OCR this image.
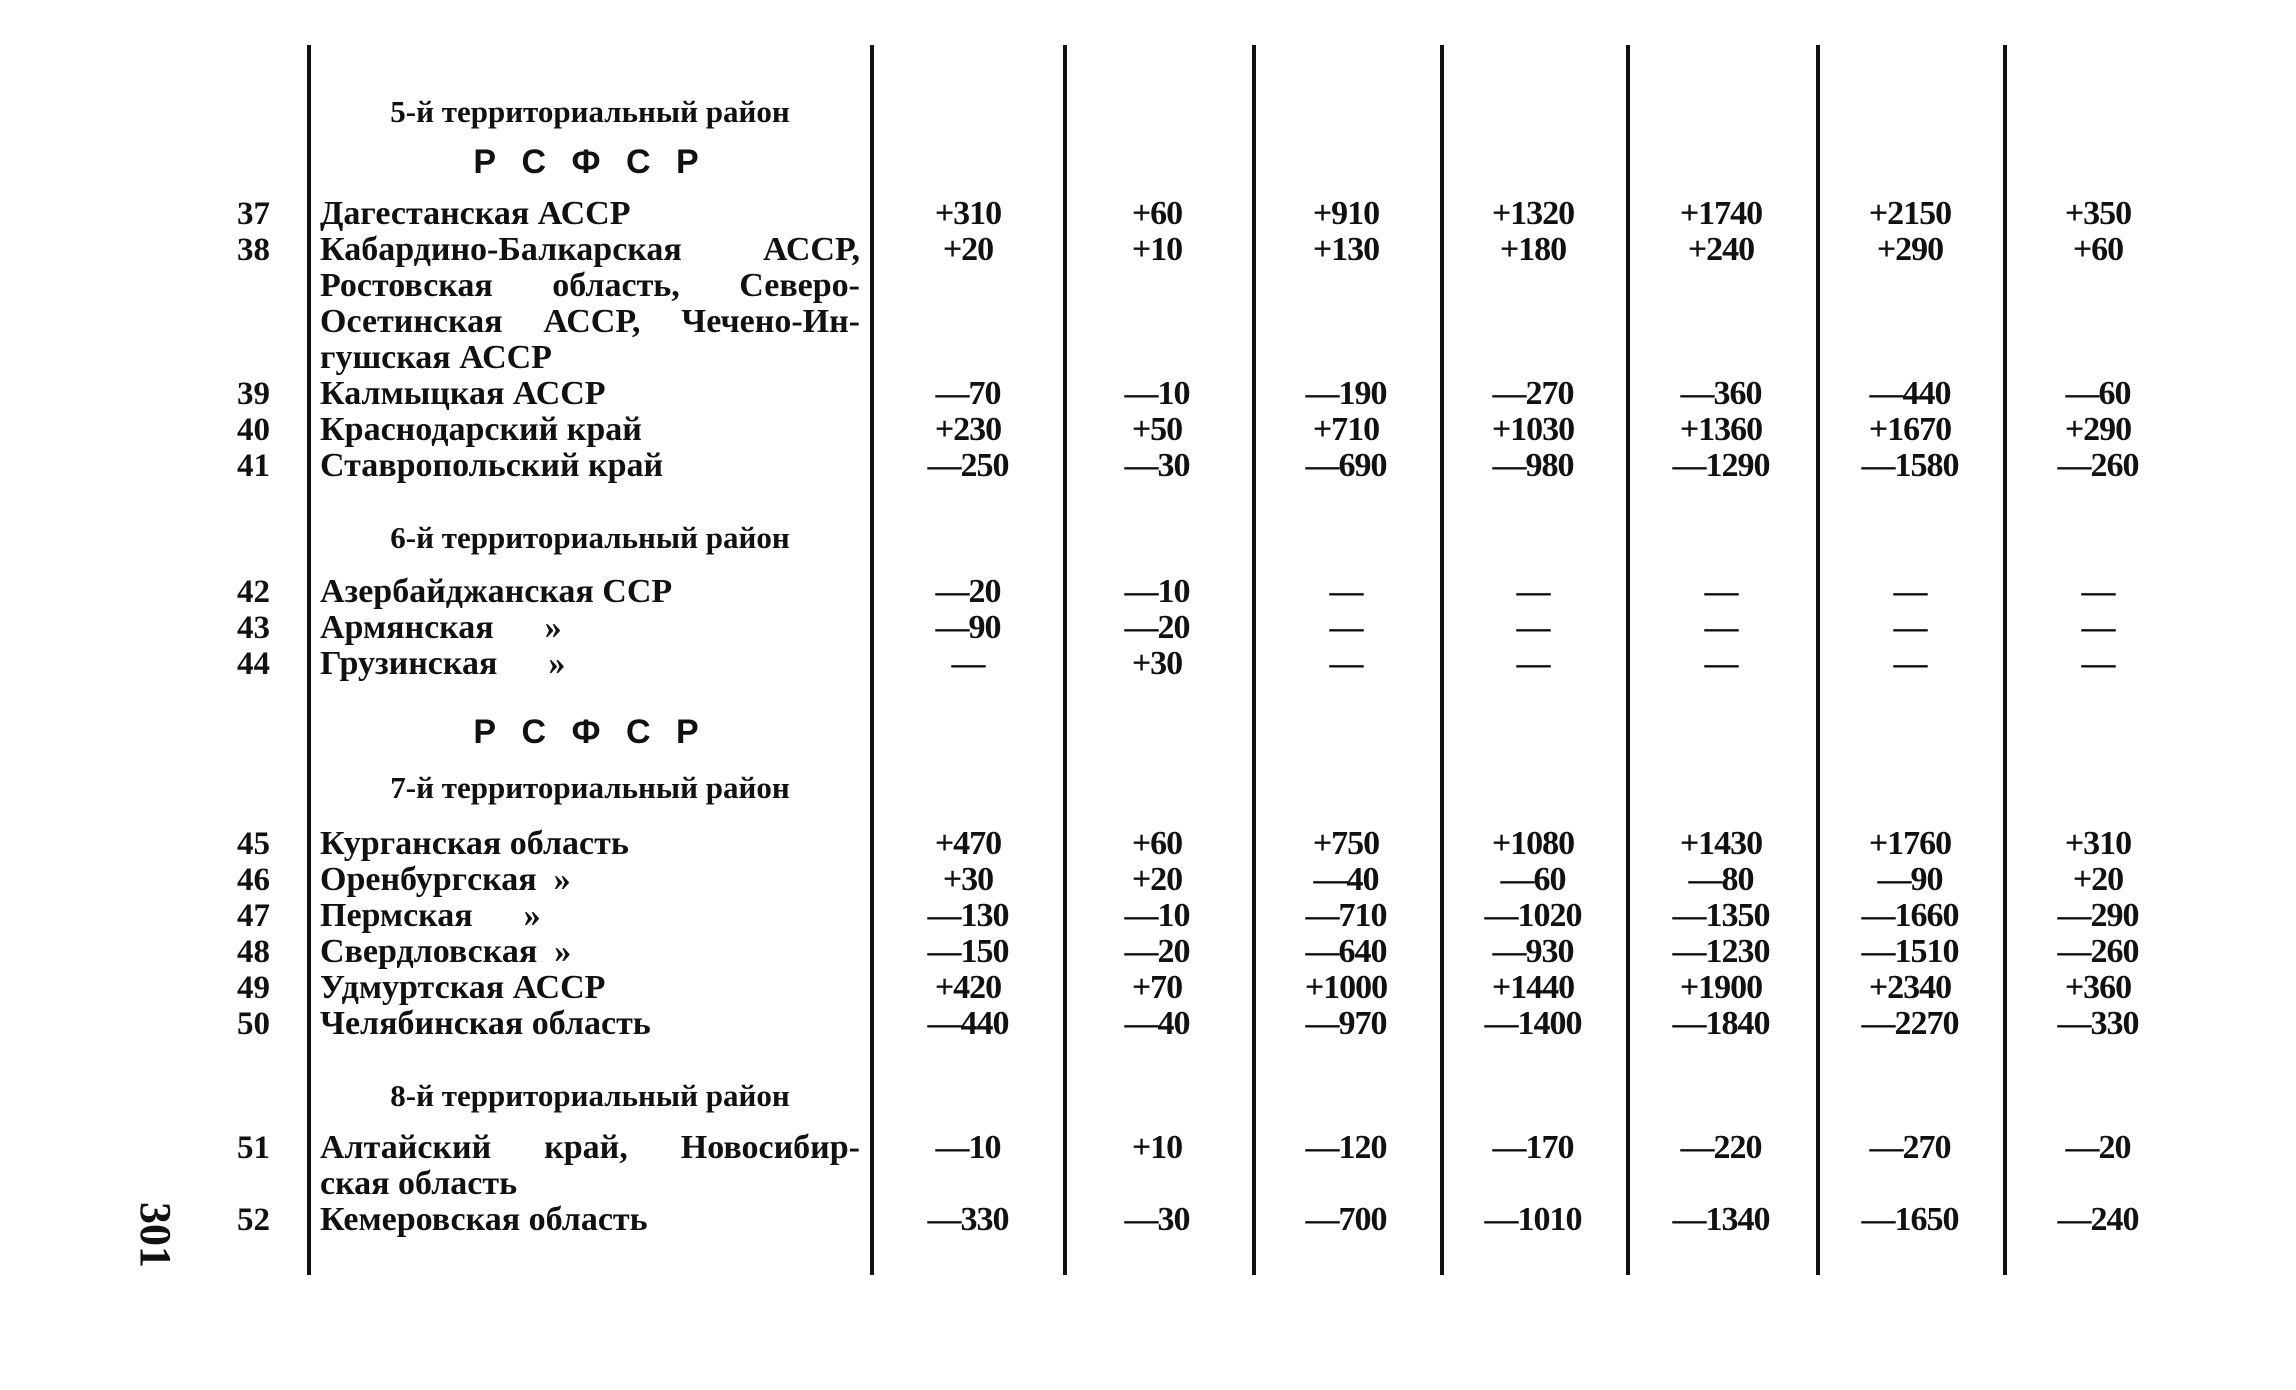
5-й территориальный район
Р С Ф С Р
6-й территориальный район
Р С Ф С Р
7-й территориальный район
8-й территориальный район
37 Дагестанская АССР	+310	+60	+910	+1320	+1740	+2150	+350
38 Кабардино-Балкарская АССР,
Ростовская область, Северо-
Осетинская АССР, Чечено-Ин-
гушская АССР
+20	+10	+130	+180	+240	+290	+60
39 Калмыцкая АССР	—70	—10	—190	—270	—360	—440	—60
40 Краснодарский край	+230	+50	+710	+1030	+1360	+1670	+290
41 Ставропольский край	—250	—30	—690	—980	—1290	—1580	—260
42 Азербайджанская ССР	—20	—10	—	—	—	—	—
43 Армянская      »	—90	—20	—	—	—	—	—
44 Грузинская      »	—	+30	—	—	—	—	—
45 Курганская область	+470	+60	+750	+1080	+1430	+1760	+310
46 Оренбургская  »	+30	+20	—40	—60	—80	—90	+20
47 Пермская      »	—130	—10	—710	—1020	—1350	—1660	—290
48 Свердловская  »	—150	—20	—640	—930	—1230	—1510	—260
49 Удмуртская АССР	+420	+70	+1000	+1440	+1900	+2340	+360
50 Челябинская область	—440	—40	—970	—1400	—1840	—2270	—330
51 Алтайский край, Новосибир-
ская область
—10	+10	—120	—170	—220	—270	—20
52 Кемеровская область	—330	—30	—700	—1010	—1340	—1650	—240
301
